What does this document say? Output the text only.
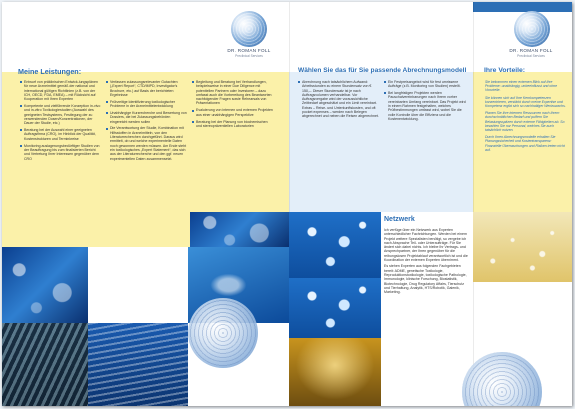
DR. ROMAN FOLL
Preclinical Services
DR. ROMAN FOLL
Preclinical Services
Meine Leistungen:	Wählen Sie das für Sie passende Abrechnungsmodell	Ihre Vorteile:
Entwurf von präklinischen Entwick-lungsplänen für neue Arzneimittel gemäß der national und international gültigen Richtlinien (z.B. von der ICH, OECD, FDA, EMEA) – mit Rücksicht auf Kooperation mit Ihren Experten
Kompetente und zielführende Konzeption in-vivo und in-vitro Toxikologiestudien (Auswahl des geeigneten Testsystems, Festlegung der zu verwendenden Dosen/Konzentrationen, der Dauer der Studie, etc.)
Beratung bei der Auswahl einer geeigneten Auftragsfirma (CRO), im Hinblick der Qualität, Kostenstrukturen und Terminkreise
Monitoring auslagerungsbedürftiger Studien von der Beauftragung bis zum finalisierten Bericht und Vertretung Ihrer Interessen gegenüber dem CRO
Verfassen zulassungsrelevanter Gutachten („Expert Report“, CTD/IMPD, Investigator's Brochure, etc.) auf Basis der berichteten Ergebnisse
Frühzeitige Identifizierung toxikologischer Probleme in der Arzneimittelentwicklung
Unabhängige Kurzrecherche und Bewertung von Dossiers, die bei Zulassungsbehörden eingereicht werden sollen
Die Verantwortung der Studie, Kombination mit Hilfsstoffen in Arzneimitteln, von den Literaturrecherchen durchgeführt. Daraus wird ermittelt, ob und welche experimentelle Daten noch gewonnen werden müssen. Am Ende steht ein toxikologisches „Expert Statement“, das sich aus der Literaturrecherche und den ggf. neuen experimentellen Daten zusammensetzt.
Begleitung und Beratung bei Verhandlungen, beispielsweise in einer Due Diligence mit potentiellen Partnern oder Investoren – dazu umfasst auch die Vorbereitung des Beantworten nachfolgender Fragen sowie Rehearsals von Präsentationen
Evaluierung von internen und externen Projekten aus einer unabhängigen Perspektive
Beratung bei der Planung von biochemischen und stereopräventiellen Laboratorien
Abrechnung nach tatsächlichem Aufwand: Arbeitsstunden zu einem Stundensatz von € 150,–. Dieser Stundensatz ist je nach Auftragsvolumen verhandelbar. Vor Auftragsvergabe wird der voraussichtliche Zeitbedarf abgeschätzt und ein Limit vereinbart. Extras – Reise- und Unterkunftskosten, und oft pocket expenses – werden nach Belegen abgerechnet und neben die Reisen abgerechnet.
Ein Festpreisangebot wird für fest umrissene Aufträge (z.B. Monitoring von Studien) erstellt.
Bei langfristigen Projekten werden Pauschalvereinbarungen nach Ihrem vorher vereinbarten Umfang vereinbart. Das Projekt wird in einem Rahmen festgehalten, welches Prüfbestimmungen umfasst wird, wobei Sie die volle Kontrolle über die Effizienz und die Kostenentwicklung.

Sie bekommen einen externen Blick auf Ihre Probleme: unabhängig, unbeeinflusst und ohne Vorurteile.

Sie können sich auf Ihre Kernkompetenzen konzentrieren, verstärkt durch meine Expertise und Kompetenz ergibt sich so nachhaltiger Wertzuwachs.

Planen Sie Ihre internen Ressourcen nach Ihrem durchschnittlichen Bedarf und puffern Sie Belastungsspitzen durch externe Fähigkeiten ab. So bezahlen Sie nur Personal, welches Sie auch tatsächlich nutzen.

Durch Ihren Abrechnungsmodelle erhalten Sie Planungssicherheit und Kostentransparenz: Finanzielle Überraschungen und Risiken treten nicht auf.

Netzwerk

Ich verfüge über ein Netzwerk aus Experten unterschiedlicher Fachrichtungen. Werden bei einem Projekt weitere Spezialisten benötigt, so vergebe ich nach Absprache Teil- oder Unteraufträge. Für Sie ändert sich dabei nichts. Ich bleibe Ihr Vertrags- und Ansprechpartner, der Ihren gegenüber für die reibungslosen Projektablauf verantwortlich ist und die Koordination der externen Experten übernimmt.

Es stehen Experten aus folgenden Fachgebieten bereit: ADME, genetische Toxikologie, Reproduktionstoxikologie, toxikologische Pathologie, Immunologie, klinische Forschung, Biostatistik, Biotechnologie, Drug Regulatory Affairs, Tierschutz und Tierhaltung, Analytik, HTS/Robotik, Galenik, Marketing.
